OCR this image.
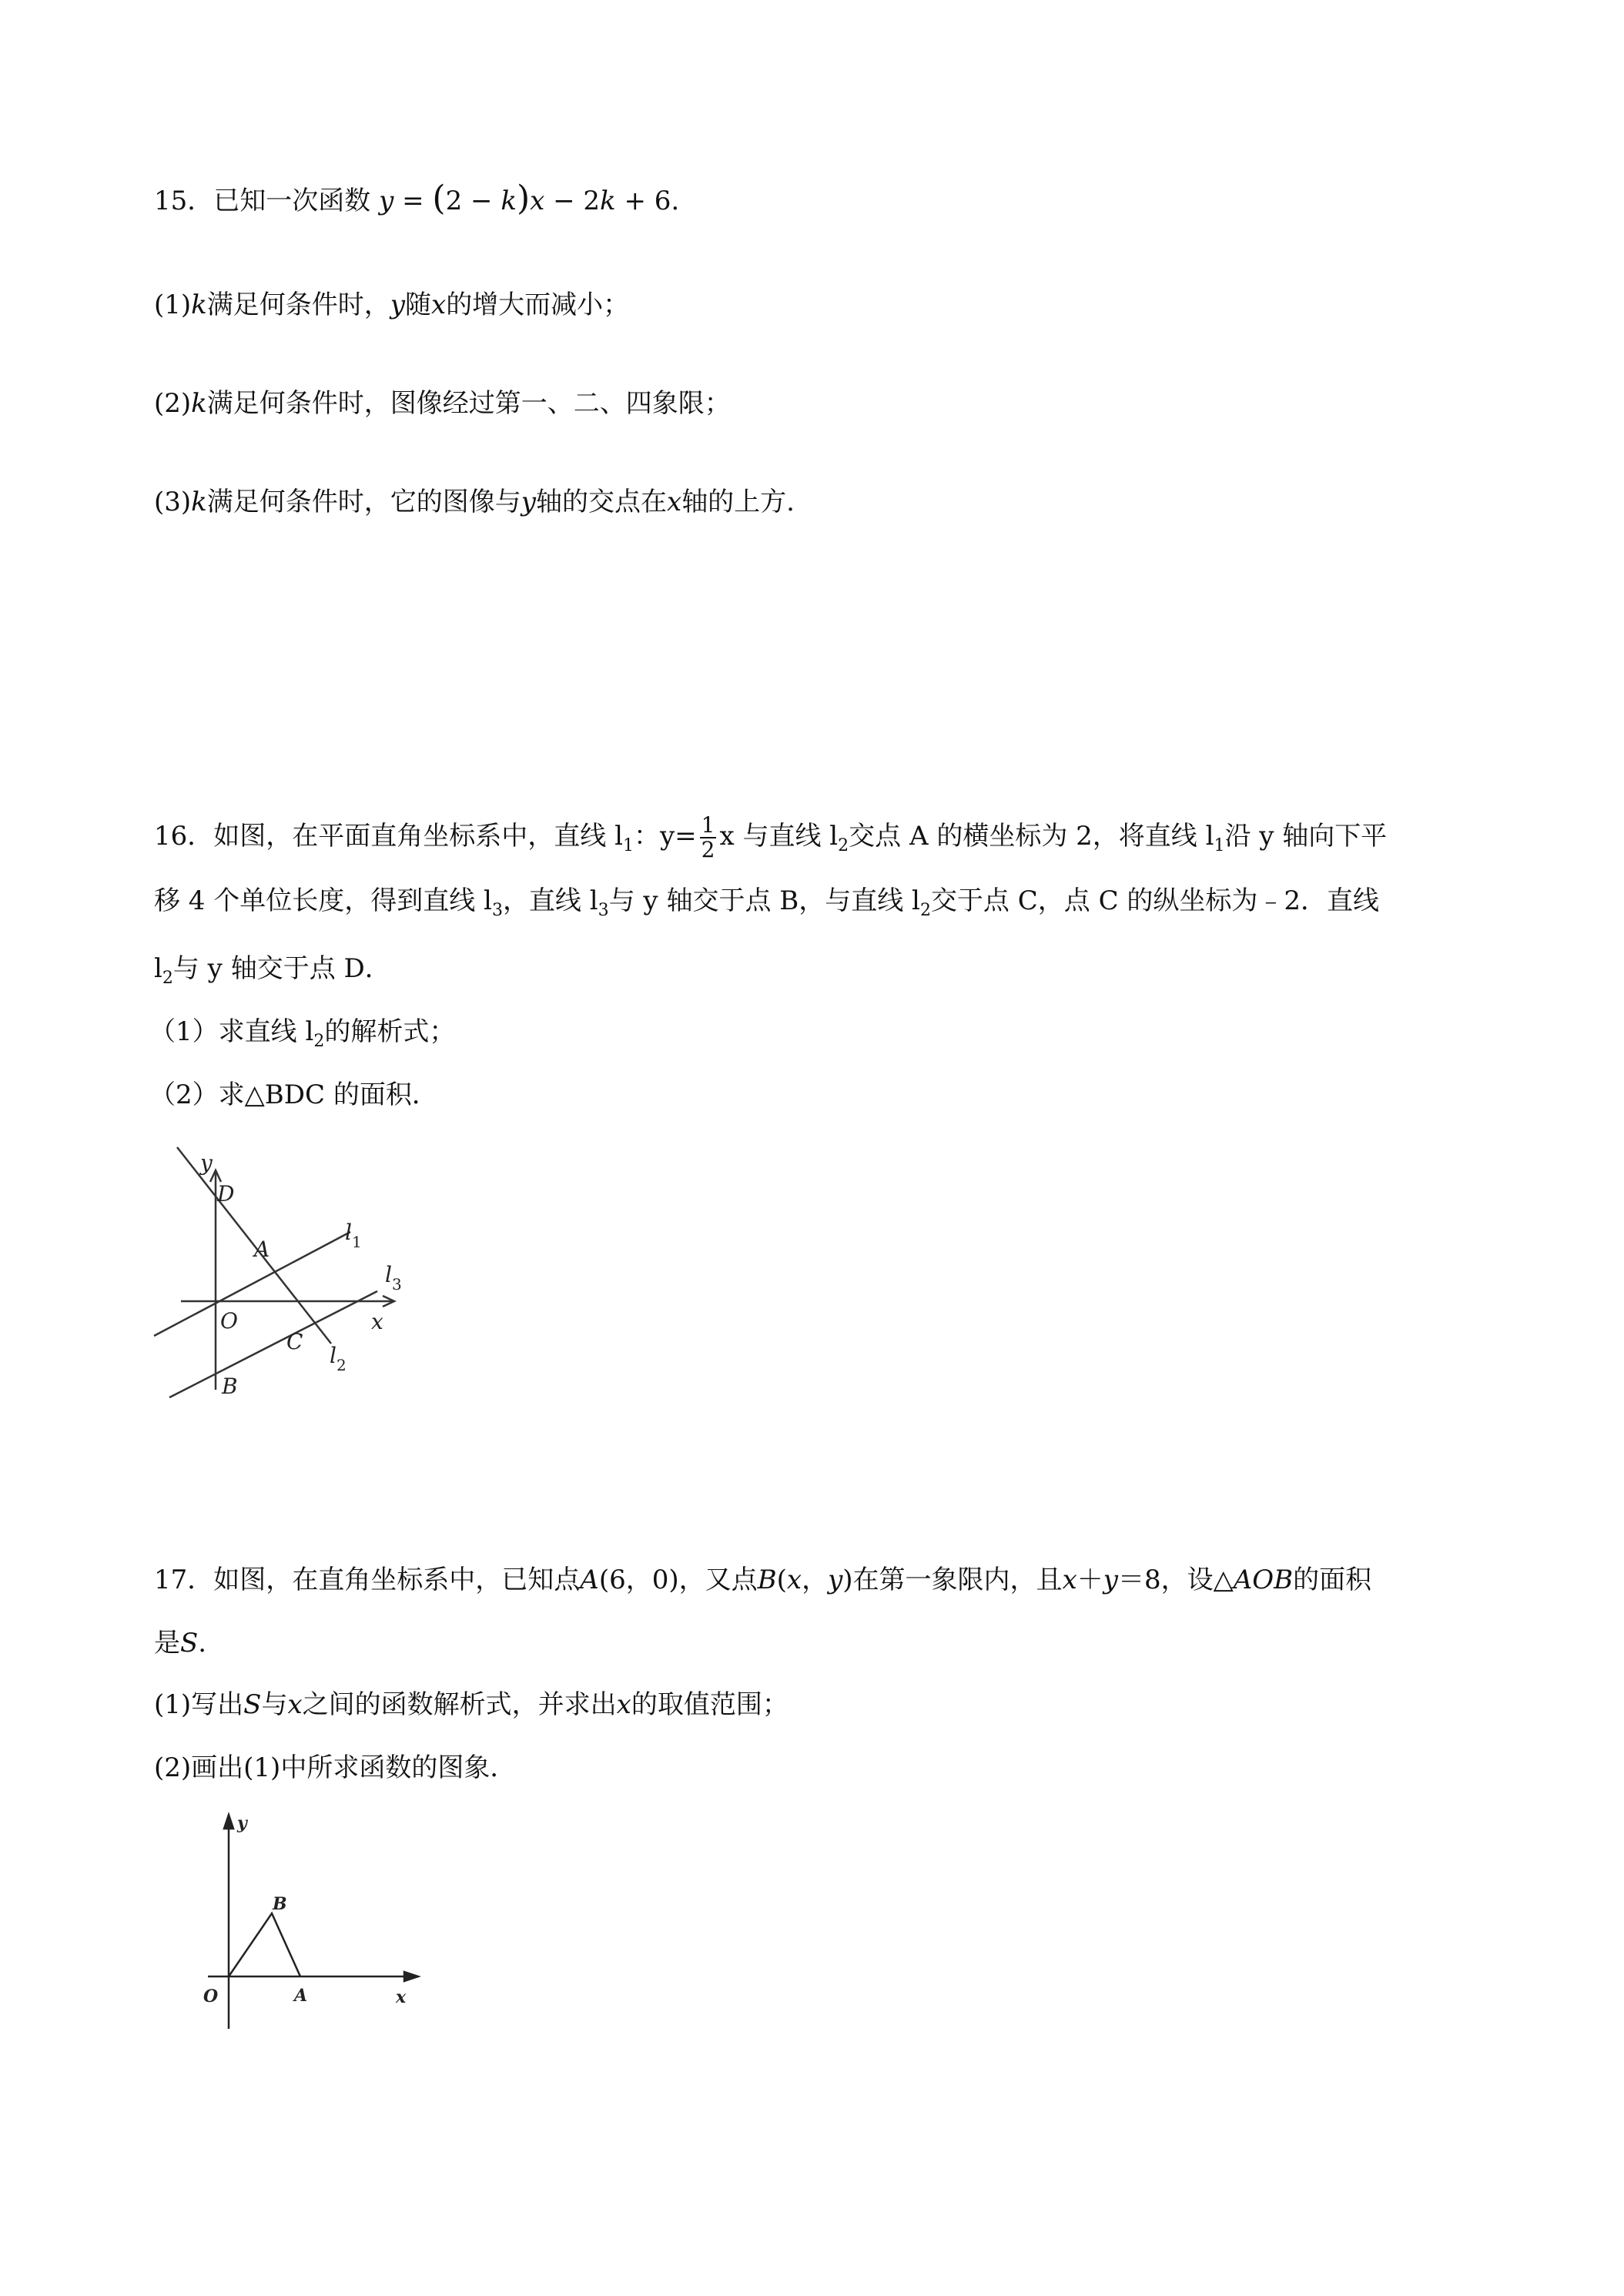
15．已知一次函数 y = (2 − k)x − 2k + 6.
(1)k满足何条件时，y随x的增大而减小；
(2)k满足何条件时，图像经过第一、二、四象限；
(3)k满足何条件时，它的图像与y轴的交点在x轴的上方.
16．如图，在平面直角坐标系中，直线 $l_1$：$y= \frac{1}{2}$ x 与直线 $l_2$交点 A 的横坐标为 2，将直线 $l_1$沿 y 轴向下平
移 4 个单位长度，得到直线 $l_3$，直线 $l_3$与 y 轴交于点 B，与直线 $l_2$交于点 C，点 C 的纵坐标为﹣2．直线
$l_2$与 y 轴交于点 D．
（1）求直线 $l_2$的解析式；
（2）求△BDC 的面积．
y
D
A
$l_1$
$l_3$
O	x
C
$l_2$
B
17．如图，在直角坐标系中，已知点A(6，0)，又点B(x，y)在第一象限内，且x＋y＝8，设△AOB的面积
是S.
(1)写出S与x之间的函数解析式，并求出x的取值范围；
(2)画出(1)中所求函数的图象．
y
B
O	A	x
